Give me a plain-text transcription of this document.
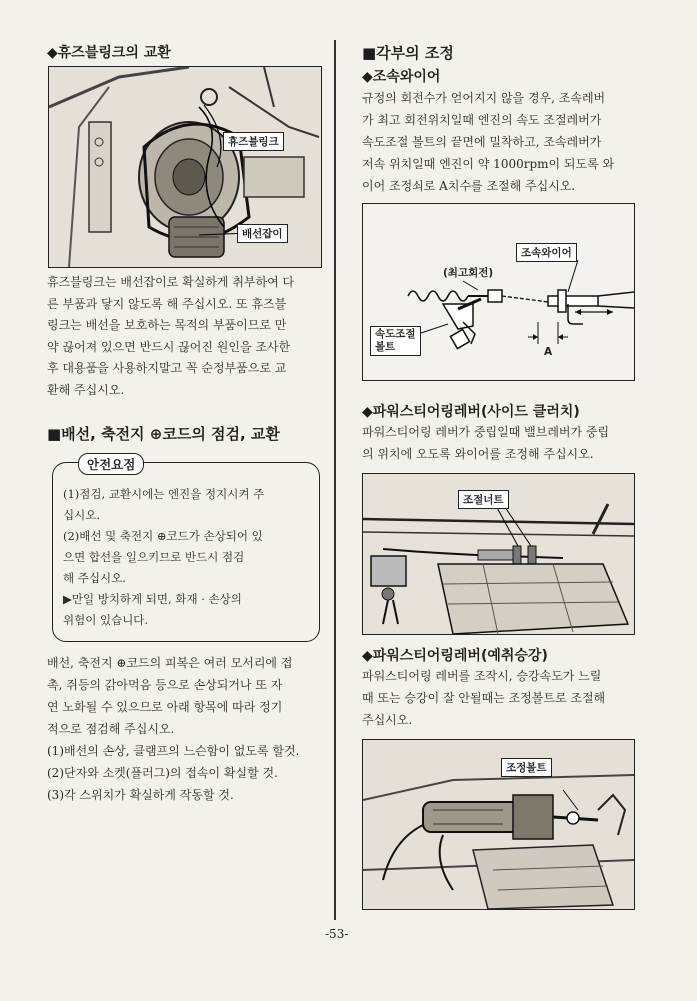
◆휴즈블링크의 교환
휴즈블링크
배선잡이
휴즈블링크는 배선잡이로 확실하게 취부하여 다
른 부품과 닿지 않도록 해 주십시오. 또 휴즈블
링크는 배선을 보호하는 목적의 부품이므로 만
약 끊어져 있으면 반드시 끊어진 원인을 조사한
후 대용품을 사용하지말고 꼭 순정부품으로 교
환해 주십시오.
■배선, 축전지 ⊕코드의 점검, 교환
안전요점
(1)점검, 교환시에는 엔진을 정지시켜 주
십시오.
(2)배선 및 축전지 ⊕코드가 손상되어 있
으면 합선을 일으키므로 반드시 점검
해 주십시오.
▶만일 방치하게 되면, 화재 · 손상의
위험이 있습니다.
배선, 축전지 ⊕코드의 피복은 여러 모서리에 접
촉, 쥐등의 갉아먹음 등으로 손상되거나 또 자
연 노화될 수 있으므로 아래 항목에 따라 정기
적으로 점검해 주십시오.
(1)배선의 손상, 클램프의 느슨함이 없도록 할것.
(2)단자와 소켓(플러그)의 접속이 확실할 것.
(3)각 스위치가 확실하게 작동할 것.
■각부의 조정
◆조속와이어
규정의 회전수가 얻어지지 않을 경우, 조속레버
가 최고 회전위치일때 엔진의 속도 조절레버가
속도조절 볼트의 끝면에 밀착하고, 조속레버가
저속 위치일때 엔진이 약 1000rpm이 되도록 와
이어 조정쇠로 A치수를 조절해 주십시오.
조속와이어
(최고회전)
속도조절
볼트	A
◆파워스티어링레버(사이드 클러치)
파워스티어링 레버가 중립일때 밸브레버가 중립
의 위치에 오도록 와이어를 조정해 주십시오.
조절너트
◆파워스티어링레버(예취승강)
파워스티어링 레버를 조작시, 승강속도가 느릴
때 또는 승강이 잘 안될때는 조정볼트로 조절해
주십시오.
조정볼트
-53-
